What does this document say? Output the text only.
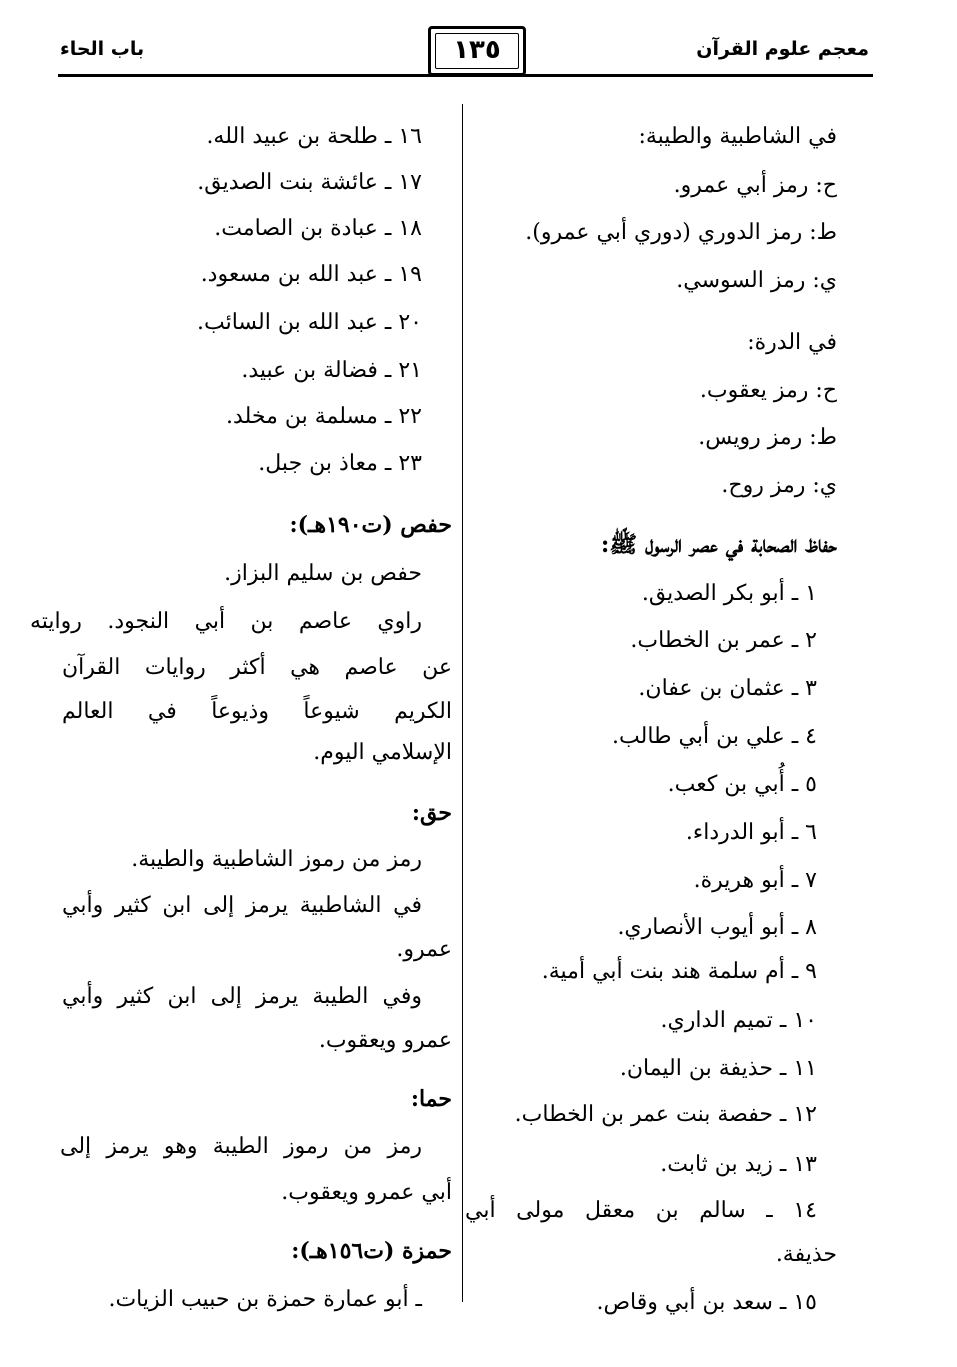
معجم علوم القرآن
باب الحاء	١٣٥
في الشاطبية والطيبة:
ح: رمز أبي عمرو.
ط: رمز الدوري (دوري أبي عمرو).
ي: رمز السوسي.
في الدرة:
ح: رمز يعقوب.
ط: رمز رويس.
ي: رمز روح.
حفاظ الصحابة في عصر الرسول ﷺ:
١ ـ أبو بكر الصديق.
٢ ـ عمر بن الخطاب.
٣ ـ عثمان بن عفان.
٤ ـ علي بن أبي طالب.
٥ ـ أُبي بن كعب.
٦ ـ أبو الدرداء.
٧ ـ أبو هريرة.
٨ ـ أبو أيوب الأنصاري.
٩ ـ أم سلمة هند بنت أبي أمية.
١٠ ـ تميم الداري.
١١ ـ حذيفة بن اليمان.
١٢ ـ حفصة بنت عمر بن الخطاب.
١٣ ـ زيد بن ثابت.
١٤ ـ سالم بن معقل مولى أبي
حذيفة.
١٥ ـ سعد بن أبي وقاص.
١٦ ـ طلحة بن عبيد الله.
١٧ ـ عائشة بنت الصديق.
١٨ ـ عبادة بن الصامت.
١٩ ـ عبد الله بن مسعود.
٢٠ ـ عبد الله بن السائب.
٢١ ـ فضالة بن عبيد.
٢٢ ـ مسلمة بن مخلد.
٢٣ ـ معاذ بن جبل.
حفص (ت١٩٠هـ):
حفص بن سليم البزاز.
راوي عاصم بن أبي النجود. روايته
عن عاصم هي أكثر روايات القرآن
الكريم شيوعاً وذيوعاً في العالم
الإسلامي اليوم.
حق:
رمز من رموز الشاطبية والطيبة.
في الشاطبية يرمز إلى ابن كثير وأبي
عمرو.
وفي الطيبة يرمز إلى ابن كثير وأبي
عمرو ويعقوب.
حما:
رمز من رموز الطيبة وهو يرمز إلى
أبي عمرو ويعقوب.
حمزة (ت١٥٦هـ):
ـ أبو عمارة حمزة بن حبيب الزيات.
